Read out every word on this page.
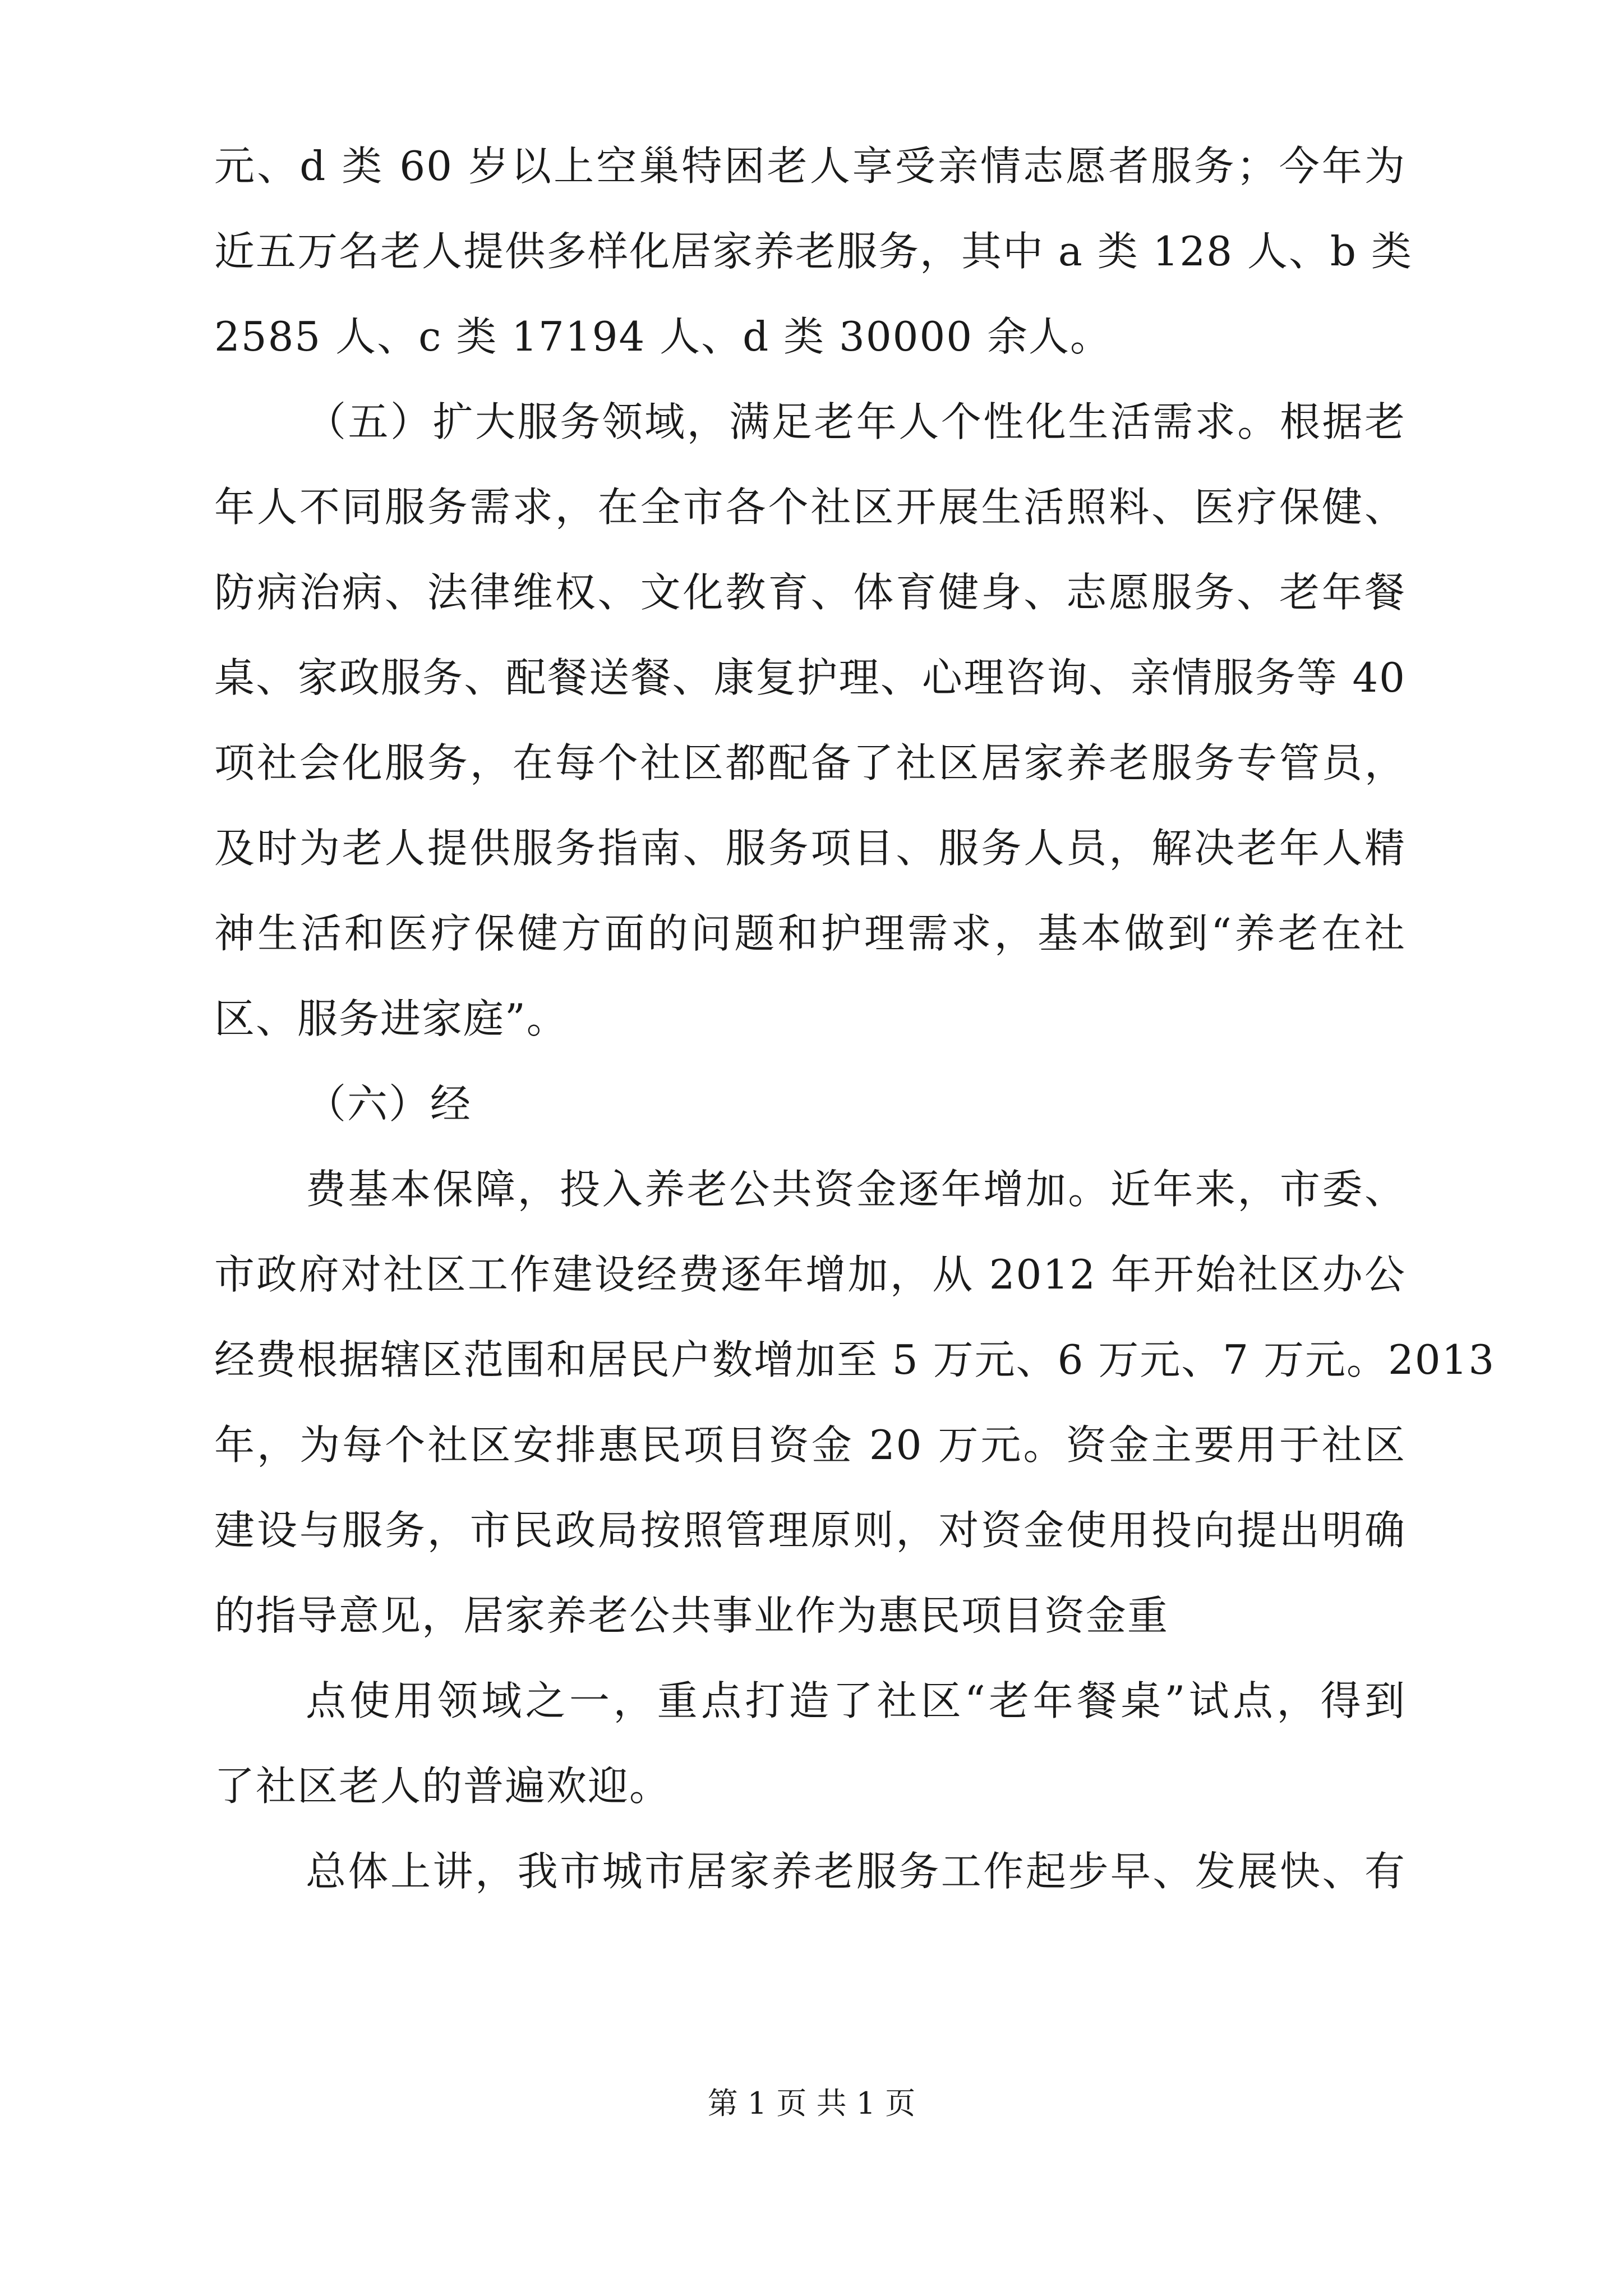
元、d 类 60 岁以上空巢特困老人享受亲情志愿者服务；今年为
近五万名老人提供多样化居家养老服务，其中 a 类 128 人、b 类
2585 人、c 类 17194 人、d 类 30000 余人。
（五）扩大服务领域，满足老年人个性化生活需求。根据老
年人不同服务需求，在全市各个社区开展生活照料、医疗保健、
防病治病、法律维权、文化教育、体育健身、志愿服务、老年餐
桌、家政服务、配餐送餐、康复护理、心理咨询、亲情服务等 40
项社会化服务，在每个社区都配备了社区居家养老服务专管员，
及时为老人提供服务指南、服务项目、服务人员，解决老年人精
神生活和医疗保健方面的问题和护理需求，基本做到“养老在社
区、服务进家庭”。
（六）经
费基本保障，投入养老公共资金逐年增加。近年来，市委、
市政府对社区工作建设经费逐年增加，从 2012 年开始社区办公
经费根据辖区范围和居民户数增加至 5 万元、6 万元、7 万元。2013
年，为每个社区安排惠民项目资金 20 万元。资金主要用于社区
建设与服务，市民政局按照管理原则，对资金使用投向提出明确
的指导意见，居家养老公共事业作为惠民项目资金重
点使用领域之一，重点打造了社区“老年餐桌”试点，得到
了社区老人的普遍欢迎。
总体上讲，我市城市居家养老服务工作起步早、发展快、有
第 1 页 共 1 页
